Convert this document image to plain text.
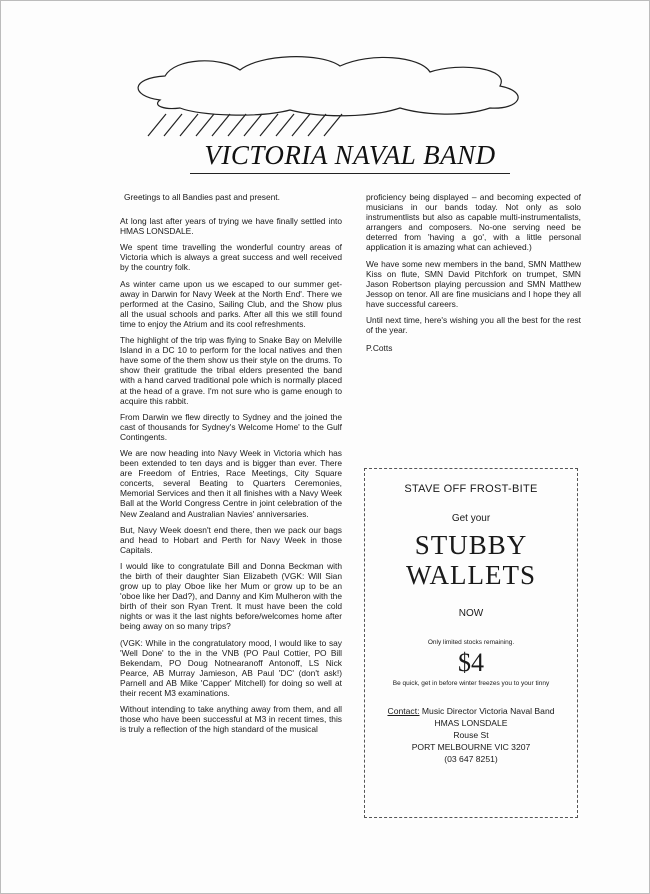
VICTORIA NAVAL BAND

Greetings to all Bandies past and present.

At long last after years of trying we have finally settled into HMAS LONSDALE.

We spent time travelling the wonderful country areas of Victoria which is always a great success and well received by the country folk.

As winter came upon us we escaped to our summer get-away in Darwin for Navy Week at the North End'. There we performed at the Casino, Sailing Club, and the Show plus all the usual schools and parks. After all this we still found time to enjoy the Atrium and its cool refreshments.

The highlight of the trip was flying to Snake Bay on Melville Island in a DC 10 to perform for the local natives and then have some of the them show us their style on the drums. To show their gratitude the tribal elders presented the band with a hand carved traditional pole which is normally placed at the head of a grave. I'm not sure who is game enough to acquire this rabbit.

From Darwin we flew directly to Sydney and the joined the cast of thousands for Sydney's Welcome Home' to the Gulf Contingents.

We are now heading into Navy Week in Victoria which has been extended to ten days and is bigger than ever. There are Freedom of Entries, Race Meetings, City Square concerts, several Beating to Quarters Ceremonies, Memorial Services and then it all finishes with a Navy Week Ball at the World Congress Centre in joint celebration of the New Zealand and Australian Navies' anniversaries.

But, Navy Week doesn't end there, then we pack our bags and head to Hobart and Perth for Navy Week in those Capitals.

I would like to congratulate Bill and Donna Beckman with the birth of their daughter Sian Elizabeth (VGK: Will Sian grow up to play Oboe like her Mum or grow up to be an 'oboe like her Dad?), and Danny and Kim Mulheron with the birth of their son Ryan Trent. It must have been the cold nights or was it the last nights before/welcomes home after being away on so many trips?

(VGK: While in the congratulatory mood, I would like to say 'Well Done' to the in the VNB (PO Paul Cottier, PO Bill Bekendam, PO Doug Notnearanoff Antonoff, LS Nick Pearce, AB Murray Jamieson, AB Paul 'DC' (don't ask!) Parnell and AB Mike 'Capper' Mitchell) for doing so well at their recent M3 examinations.

Without intending to take anything away from them, and all those who have been successful at M3 in recent times, this is truly a reflection of the high standard of the musical

proficiency being displayed – and becoming expected of musicians in our bands today. Not only as solo instrumentlists but also as capable multi-instrumentalists, arrangers and composers. No-one serving need be deterred from 'having a go', with a little personal application it is amazing what can achieved.)

We have some new members in the band, SMN Matthew Kiss on flute, SMN David Pitchfork on trumpet, SMN Jason Robertson playing percussion and SMN Matthew Jessop on tenor. All are fine musicians and I hope they all have successful careers.

Until next time, here's wishing you all the best for the rest of the year.

P.Cotts

STAVE OFF FROST-BITE
Get your
STUBBY
WALLETS
NOW
Only limited stocks remaining.
$4
Be quick, get in before winter freezes you to your tinny
Contact: Music Director Victoria Naval Band
HMAS LONSDALE
Rouse St
PORT MELBOURNE VIC 3207
(03 647 8251)
